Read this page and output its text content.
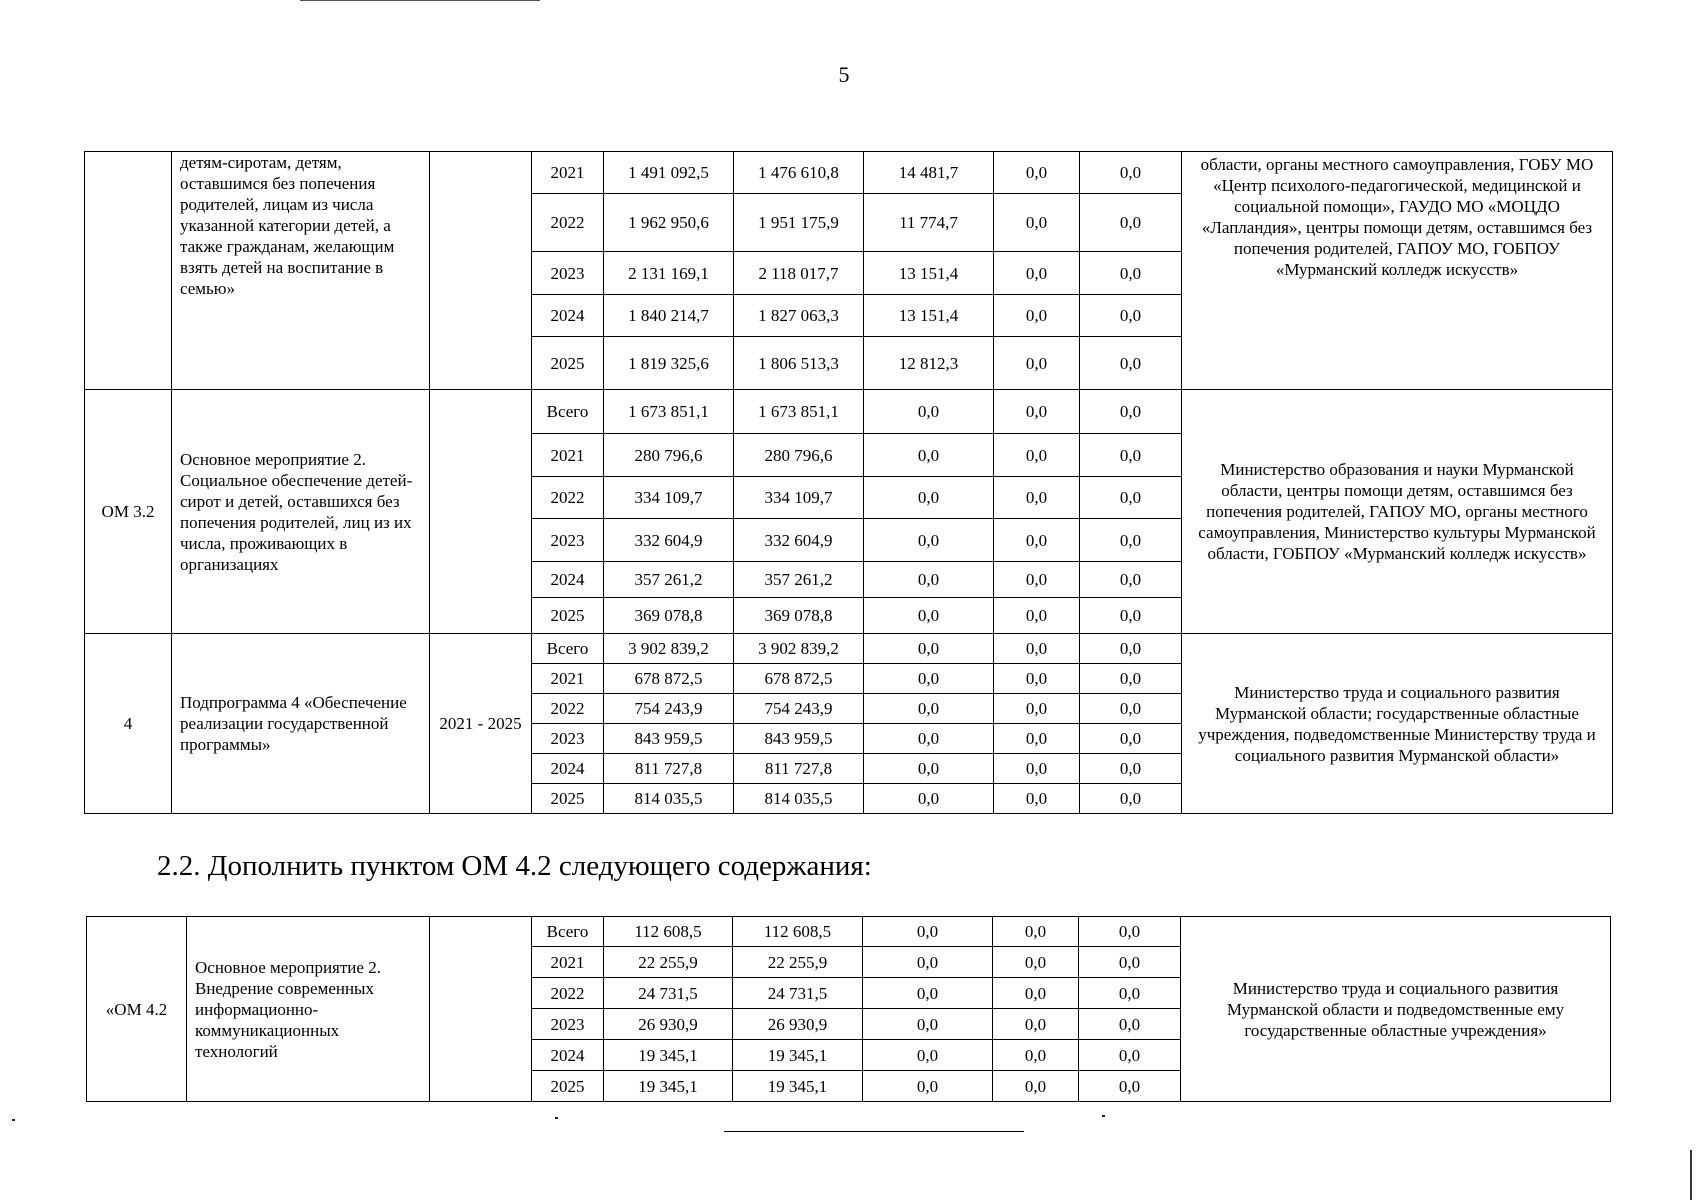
5
	детям-сиротам, детям, оставшимся без попечения родителей, лицам из числа указанной категории детей, а также гражданам, желающим взять детей на воспитание в семью»		2021	1 491 092,5	1 476 610,8	14 481,7	0,0	0,0	области, органы местного самоуправления, ГОБУ МО «Центр психолого-педагогической, медицинской и социальной помощи», ГАУДО МО «МОЦДО «Лапландия», центры помощи детям, оставшимся без попечения родителей, ГАПОУ МО, ГОБПОУ «Мурманский колледж искусств»
			2022	1 962 950,6	1 951 175,9	11 774,7	0,0	0,0	
			2023	2 131 169,1	2 118 017,7	13 151,4	0,0	0,0	
			2024	1 840 214,7	1 827 063,3	13 151,4	0,0	0,0	
			2025	1 819 325,6	1 806 513,3	12 812,3	0,0	0,0	
ОМ 3.2	Основное мероприятие 2. Социальное обеспечение детей-сирот и детей, оставшихся без попечения родителей, лиц из их числа, проживающих в организациях		Всего	1 673 851,1	1 673 851,1	0,0	0,0	0,0	Министерство образования и науки Мурманской области, центры помощи детям, оставшимся без попечения родителей, ГАПОУ МО, органы местного самоуправления, Министерство культуры Мурманской области, ГОБПОУ «Мурманский колледж искусств»
			2021	280 796,6	280 796,6	0,0	0,0	0,0	
			2022	334 109,7	334 109,7	0,0	0,0	0,0	
			2023	332 604,9	332 604,9	0,0	0,0	0,0	
			2024	357 261,2	357 261,2	0,0	0,0	0,0	
			2025	369 078,8	369 078,8	0,0	0,0	0,0	
4	Подпрограмма 4 «Обеспечение реализации государственной программы»	2021 - 2025	Всего	3 902 839,2	3 902 839,2	0,0	0,0	0,0	Министерство труда и социального развития Мурманской области; государственные областные учреждения, подведомственные Министерству труда и социального развития Мурманской области»
			2021	678 872,5	678 872,5	0,0	0,0	0,0	
			2022	754 243,9	754 243,9	0,0	0,0	0,0	
			2023	843 959,5	843 959,5	0,0	0,0	0,0	
			2024	811 727,8	811 727,8	0,0	0,0	0,0	
			2025	814 035,5	814 035,5	0,0	0,0	0,0	
2.2. Дополнить пунктом ОМ 4.2 следующего содержания:
«ОМ 4.2	Основное мероприятие 2. Внедрение современных информационно-коммуникационных технологий		Всего	112 608,5	112 608,5	0,0	0,0	0,0	Министерство труда и социального развития Мурманской области и подведомственные ему государственные областные учреждения»
			2021	22 255,9	22 255,9	0,0	0,0	0,0	
			2022	24 731,5	24 731,5	0,0	0,0	0,0	
			2023	26 930,9	26 930,9	0,0	0,0	0,0	
			2024	19 345,1	19 345,1	0,0	0,0	0,0	
			2025	19 345,1	19 345,1	0,0	0,0	0,0	
